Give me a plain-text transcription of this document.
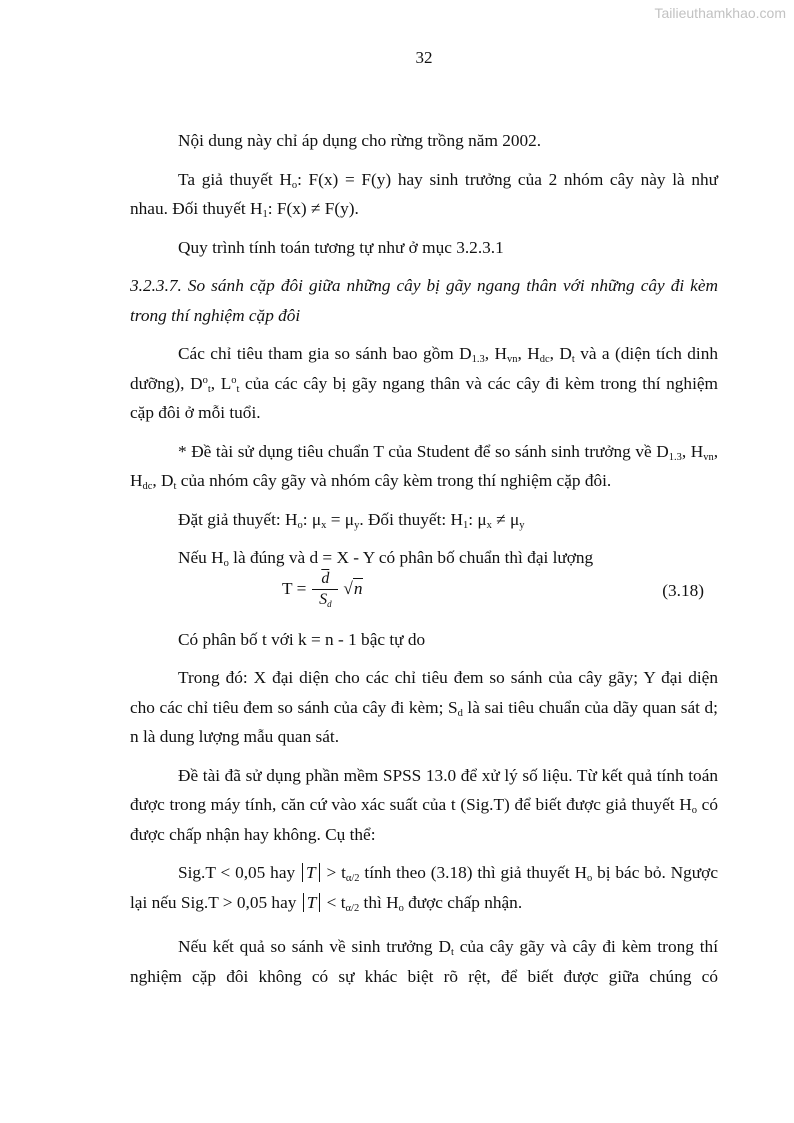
Tailieuthamkhao.com
32

Nội dung này chỉ áp dụng cho rừng trồng năm 2002.

Ta giả thuyết $H_o$: F(x) = F(y) hay sinh trưởng của 2 nhóm cây này là như nhau. Đối thuyết $H_1$: F(x) ≠ F(y).

Quy trình tính toán tương tự như ở mục 3.2.3.1

3.2.3.7. So sánh cặp đôi giữa những cây bị gãy ngang thân với những cây đi kèm trong thí nghiệm cặp đôi

Các chỉ tiêu tham gia so sánh bao gồm $D_{1.3}$, $H_{vn}$, $H_{dc}$, $D_t$ và a (diện tích dinh dưỡng), $D^o_t$, $L^o_t$ của các cây bị gãy ngang thân và các cây đi kèm trong thí nghiệm cặp đôi ở mỗi tuổi.

* Đề tài sử dụng tiêu chuẩn T của Student để so sánh sinh trưởng về $D_{1.3}$, $H_{vn}$, $H_{dc}$, $D_t$ của nhóm cây gãy và nhóm cây kèm trong thí nghiệm cặp đôi.

Đặt giả thuyết: $H_o$: $\mu_x = \mu_y$. Đối thuyết: $H_1$: $\mu_x \ne \mu_y$

Nếu $H_o$ là đúng và d = X - Y có phân bố chuẩn thì đại lượng

$T = \frac{\overline{d}}{S_d} √n$	(3.18)

Có phân bố t với k = n - 1 bậc tự do

Trong đó: X đại diện cho các chỉ tiêu đem so sánh của cây gãy; Y đại diện cho các chỉ tiêu đem so sánh của cây đi kèm; $S_d$ là sai tiêu chuẩn của dãy quan sát d; n là dung lượng mẫu quan sát.

Đề tài đã sử dụng phần mềm SPSS 13.0 để xử lý số liệu. Từ kết quả tính toán được trong máy tính, căn cứ vào xác suất của t (Sig.T) để biết được giả thuyết $H_o$ có được chấp nhận hay không. Cụ thể:

Sig.T < 0,05 hay $T > t_{\alpha/2}$ tính theo (3.18) thì giả thuyết $H_o$ bị bác bỏ. Ngược lại nếu Sig.T > 0,05 hay $T < t_{\alpha/2}$ thì $H_o$ được chấp nhận.

Nếu kết quả so sánh về sinh trưởng $D_t$ của cây gãy và cây đi kèm trong thí nghiệm cặp đôi không có sự khác biệt rõ rệt, để biết được giữa chúng có
